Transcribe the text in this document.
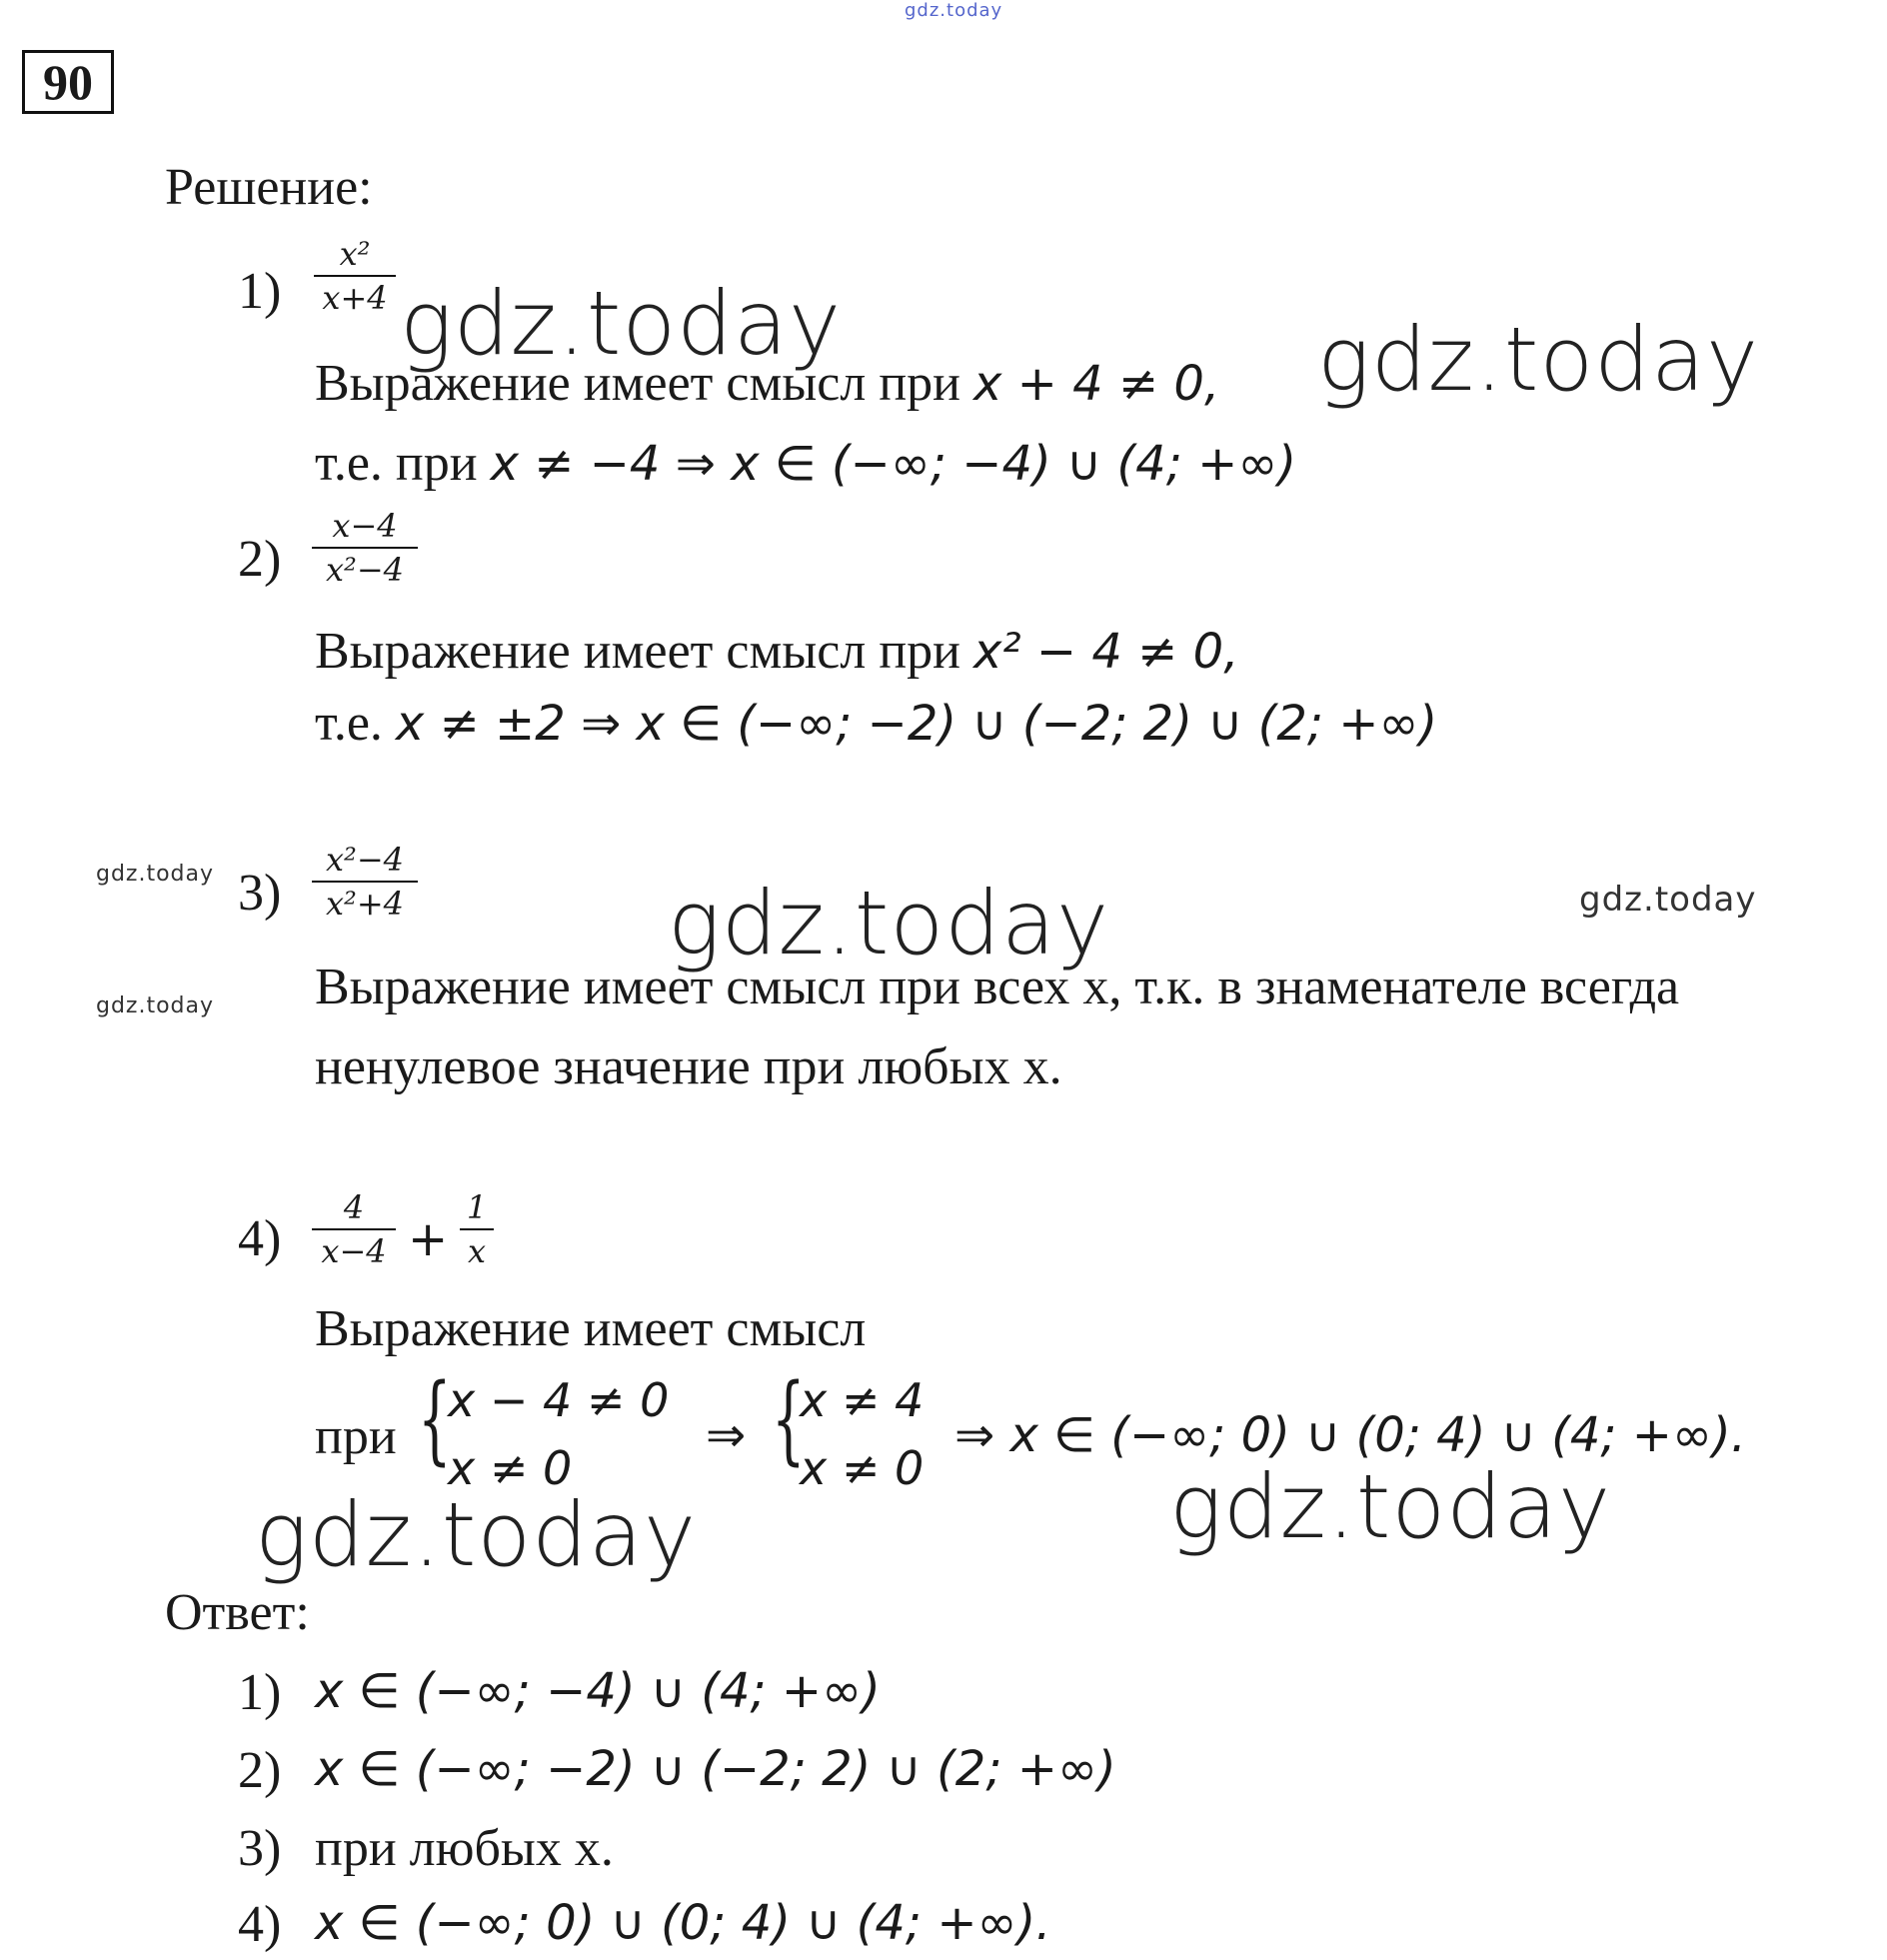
gdz.today
90
Решение:
1)
x²
x+4
Выражение имеет смысл при x + 4 ≠ 0,
т.е. при x ≠ −4 ⇒ x ∈ (−∞; −4) ∪ (4; +∞)
2)
x−4
x²−4
Выражение имеет смысл при x² − 4 ≠ 0,
т.е. x ≠ ±2 ⇒ x ∈ (−∞; −2) ∪ (−2; 2) ∪ (2; +∞)
3)
x²−4
x²+4
Выражение имеет смысл при всех x, т.к. в знаменателе всегда
ненулевое значение при любых x.
4)
4
x−4 +
1
x
Выражение имеет смысл
при {
x − 4 ≠ 0
x ≠ 0
⇒ {
x ≠ 4
x ≠ 0
⇒ x ∈ (−∞; 0) ∪ (0; 4) ∪ (4; +∞).
Ответ:
1) x ∈ (−∞; −4) ∪ (4; +∞)
2) x ∈ (−∞; −2) ∪ (−2; 2) ∪ (2; +∞)
3) при любых x.
4) x ∈ (−∞; 0) ∪ (0; 4) ∪ (4; +∞).
gdz.today	gdz.today
gdz.today
gdz.today	gdz.today
gdz.today
gdz.today
gdz.today
